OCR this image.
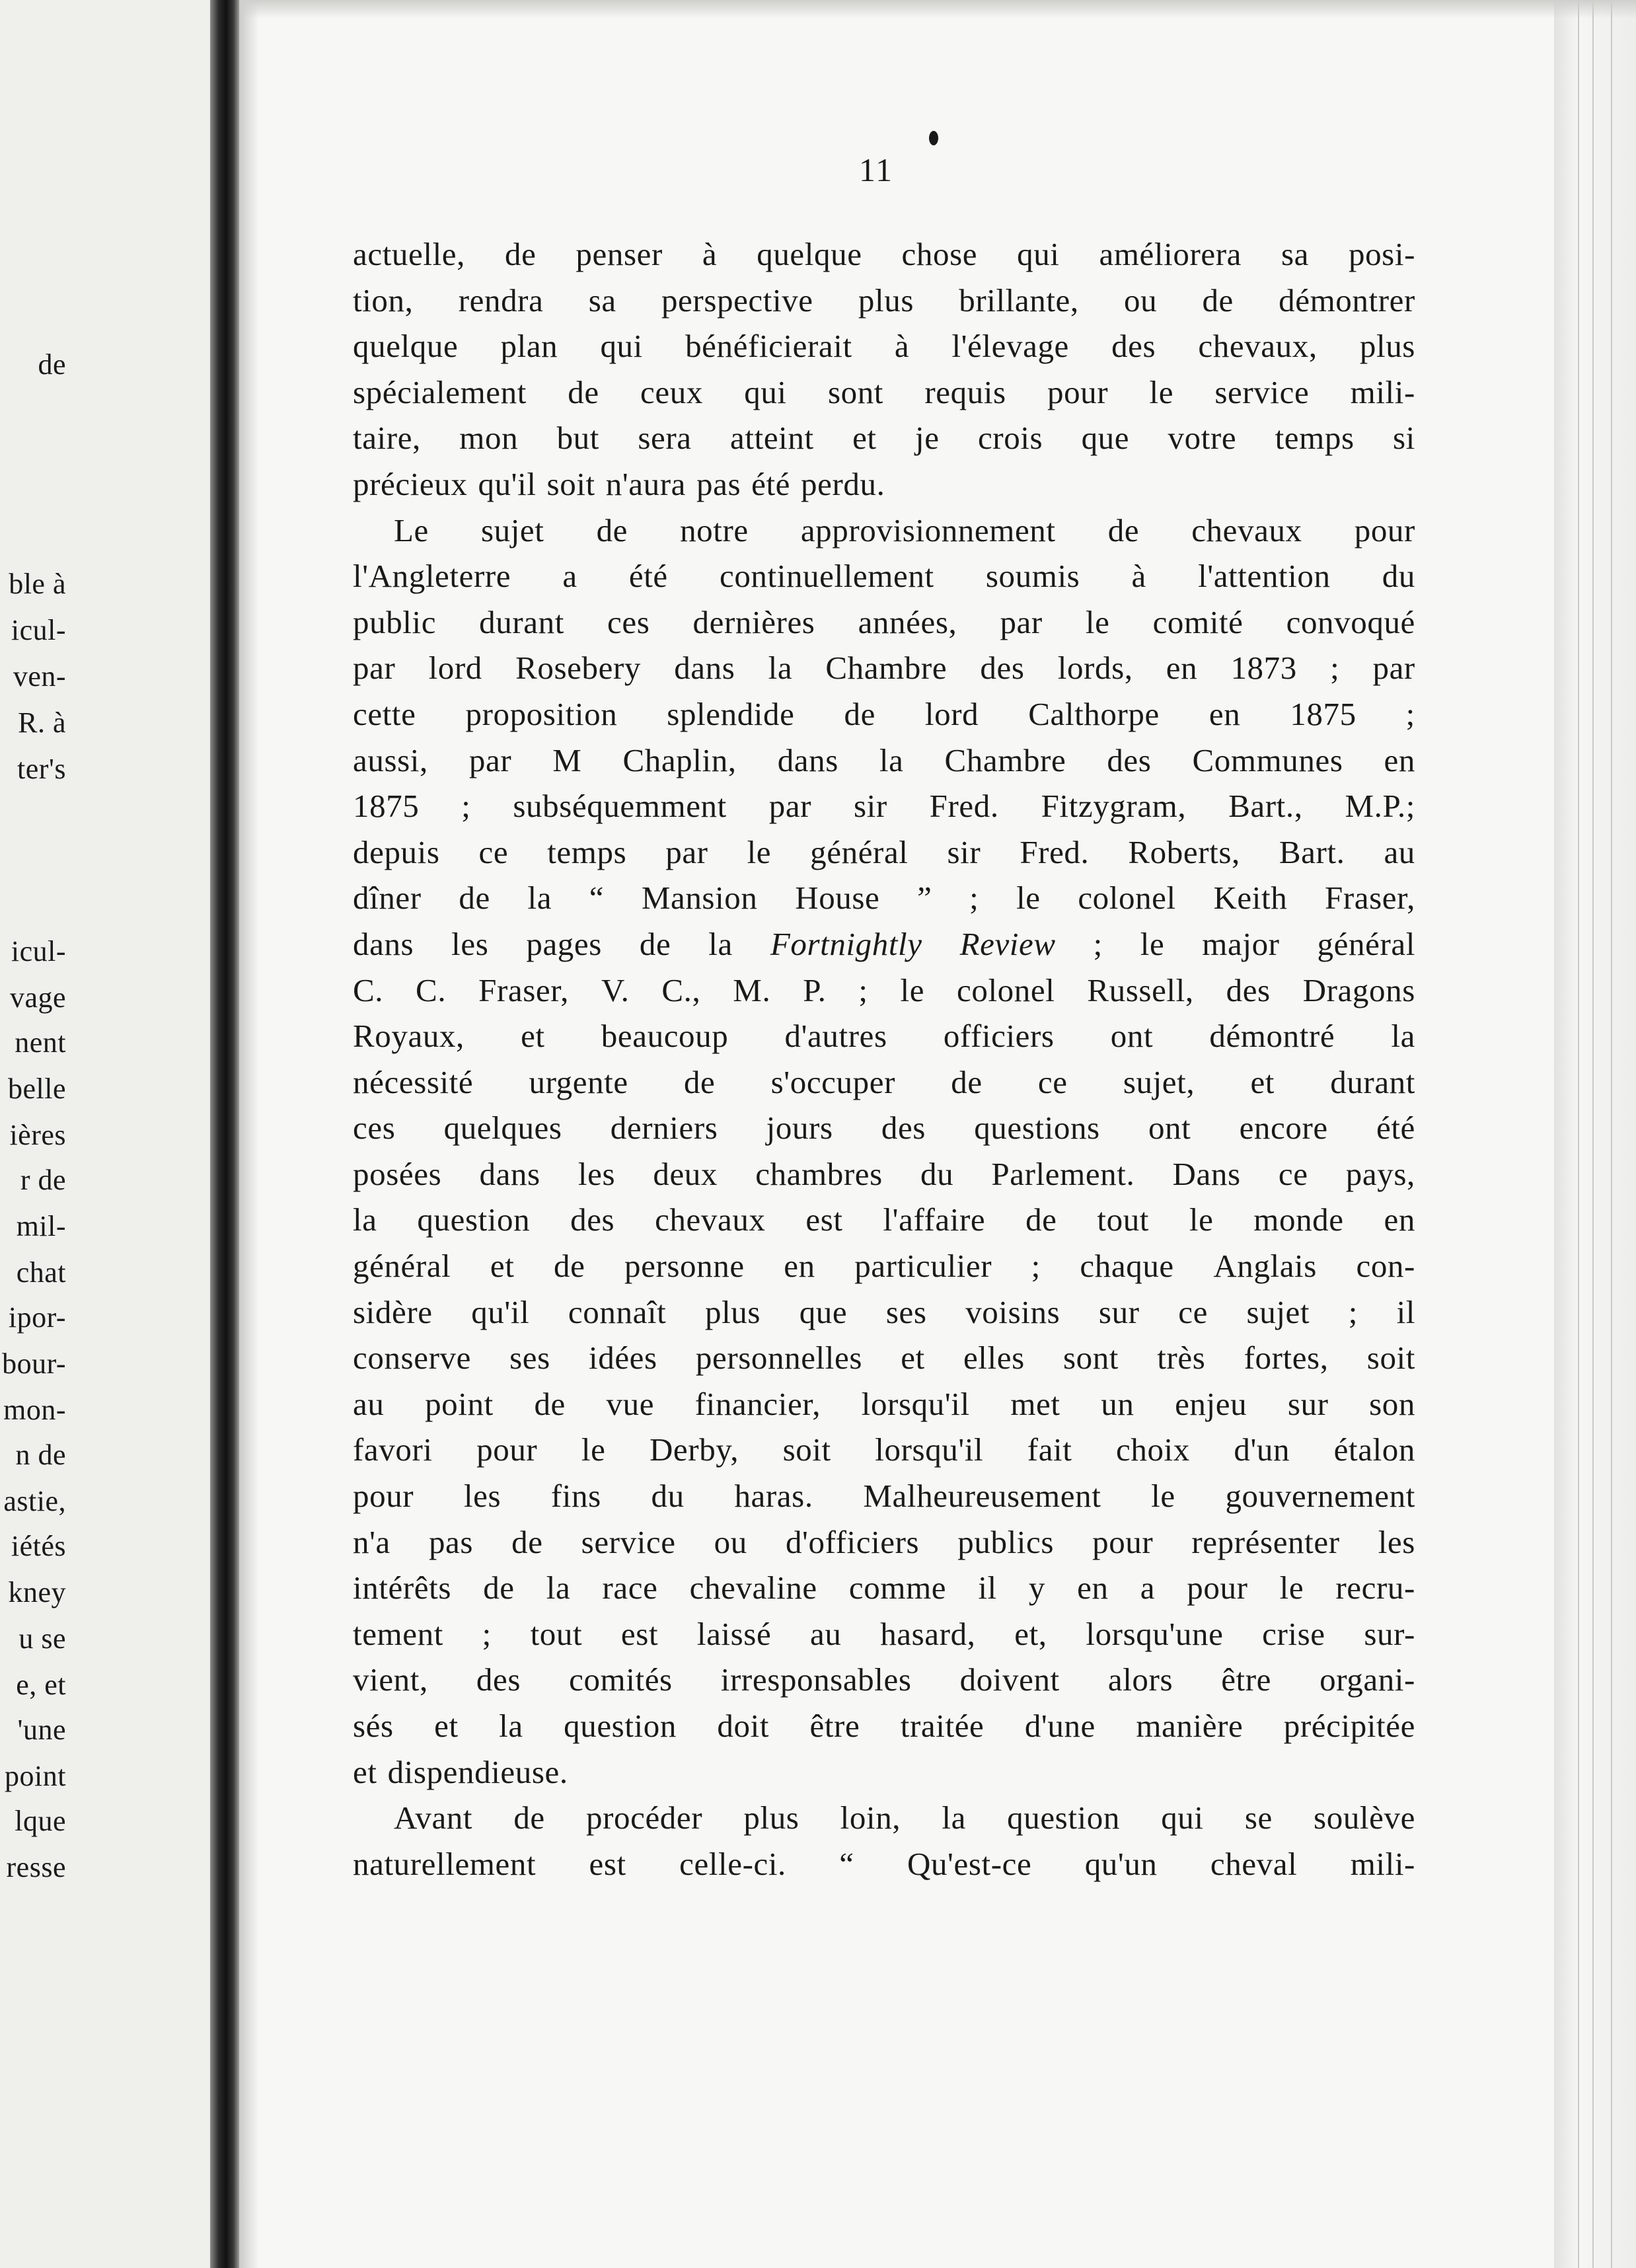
de
ble à
icul-
ven-
R. à
ter's
icul-
vage
nent
belle
ières
r de
mil-
chat
ipor-
bour-
mon-
n de
astie,
iétés
kney
u se
e, et
'une
point
lque
resse
11
actuelle, de penser à quelque chose qui améliorera sa posi-
tion, rendra sa perspective plus brillante, ou de démontrer
quelque plan qui bénéficierait à l'élevage des chevaux, plus
spécialement de ceux qui sont requis pour le service mili-
taire, mon but sera atteint et je crois que votre temps si
précieux qu'il soit n'aura pas été perdu.
Le sujet de notre approvisionnement de chevaux pour
l'Angleterre a été continuellement soumis à l'attention du
public durant ces dernières années, par le comité convoqué
par lord Rosebery dans la Chambre des lords, en 1873 ; par
cette proposition splendide de lord Calthorpe en 1875 ;
aussi, par M Chaplin, dans la Chambre des Communes en
1875 ; subséquemment par sir Fred. Fitzygram, Bart., M.P.;
depuis ce temps par le général sir Fred. Roberts, Bart. au
dîner de la “ Mansion House ” ; le colonel Keith Fraser,
dans les pages de la Fortnightly Review ; le major général
C. C. Fraser, V. C., M. P. ; le colonel Russell, des Dragons
Royaux, et beaucoup d'autres officiers ont démontré la
nécessité urgente de s'occuper de ce sujet, et durant
ces quelques derniers jours des questions ont encore été
posées dans les deux chambres du Parlement. Dans ce pays,
la question des chevaux est l'affaire de tout le monde en
général et de personne en particulier ; chaque Anglais con-
sidère qu'il connaît plus que ses voisins sur ce sujet ; il
conserve ses idées personnelles et elles sont très fortes, soit
au point de vue financier, lorsqu'il met un enjeu sur son
favori pour le Derby, soit lorsqu'il fait choix d'un étalon
pour les fins du haras. Malheureusement le gouvernement
n'a pas de service ou d'officiers publics pour représenter les
intérêts de la race chevaline comme il y en a pour le recru-
tement ; tout est laissé au hasard, et, lorsqu'une crise sur-
vient, des comités irresponsables doivent alors être organi-
sés et la question doit être traitée d'une manière précipitée
et dispendieuse.
Avant de procéder plus loin, la question qui se soulève
naturellement est celle-ci. “ Qu'est-ce qu'un cheval mili-
